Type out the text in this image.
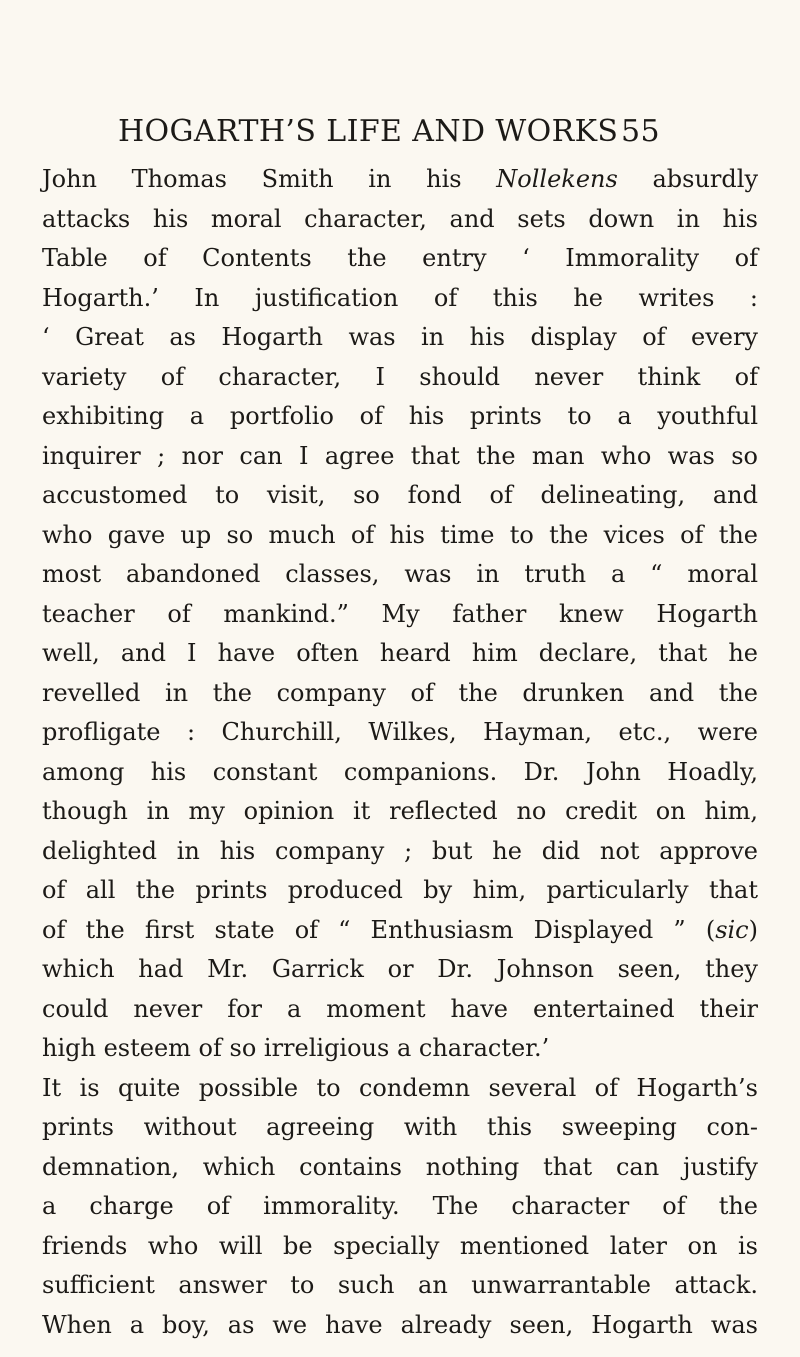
HOGARTH’S LIFE AND WORKS 55
John Thomas Smith in his Nollekens absurdly
attacks his moral character, and sets down in his
Table of Contents the entry ‘ Immorality of
Hogarth.’ In justification of this he writes :
‘ Great as Hogarth was in his display of every
variety of character, I should never think of
exhibiting a portfolio of his prints to a youthful
inquirer ; nor can I agree that the man who was so
accustomed to visit, so fond of delineating, and
who gave up so much of his time to the vices of the
most abandoned classes, was in truth a “ moral
teacher of mankind.” My father knew Hogarth
well, and I have often heard him declare, that he
revelled in the company of the drunken and the
profligate : Churchill, Wilkes, Hayman, etc., were
among his constant companions. Dr. John Hoadly,
though in my opinion it reflected no credit on him,
delighted in his company ; but he did not approve
of all the prints produced by him, particularly that
of the first state of “ Enthusiasm Displayed ” (sic)
which had Mr. Garrick or Dr. Johnson seen, they
could never for a moment have entertained their
high esteem of so irreligious a character.’
It is quite possible to condemn several of Hogarth’s
prints without agreeing with this sweeping con-
demnation, which contains nothing that can justify
a charge of immorality. The character of the
friends who will be specially mentioned later on is
sufficient answer to such an unwarrantable attack.
When a boy, as we have already seen, Hogarth was
